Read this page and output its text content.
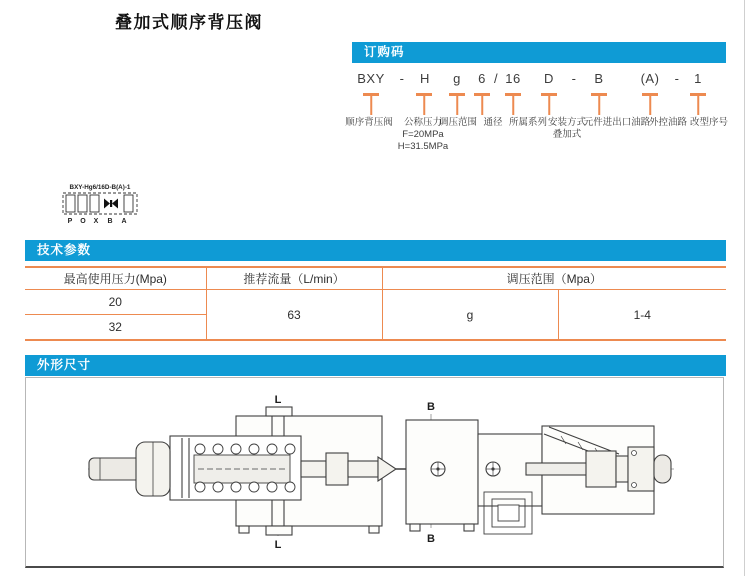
叠加式顺序背压阀
订购码
BXY - H g 6 / 16 D - B	(A) - 1
顺序背压阀	公称压力
F=20MPa
H=31.5MPa
调压范围 通径 所属系列 安装方式
叠加式
元件进出口油路
外控油路 改型序号
BXY-Hg6/16D-B(A)-1
P O X B A
技术参数
最高使用压力(Mpa)	推荐流量（L/min）	调压范围（Mpa）	
20	63	g	1-4
32			
外形尺寸
L
L
B
B
